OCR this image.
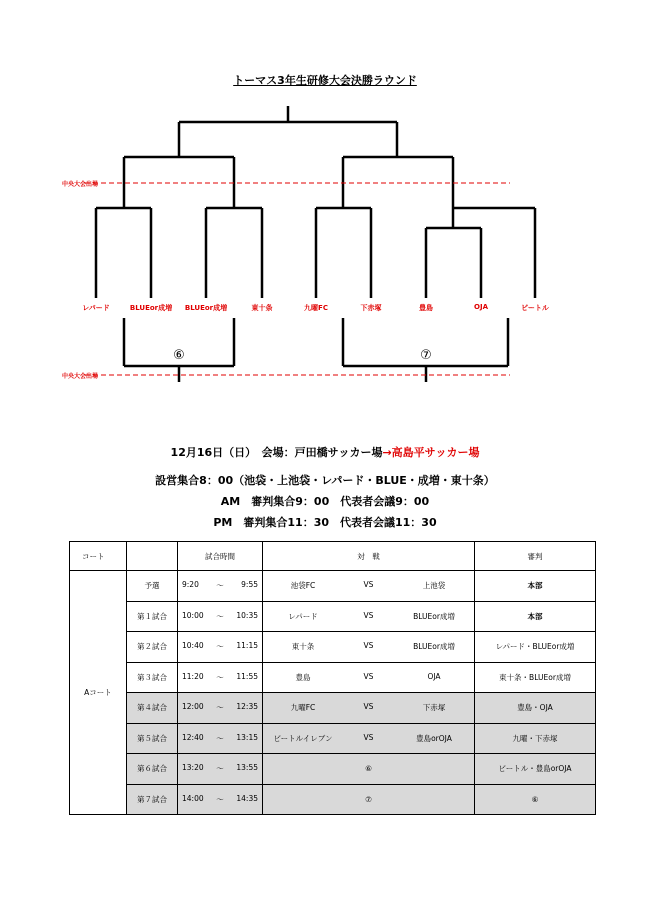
トーマス3年生研修大会決勝ラウンド
中央大会出場
中央大会出場
レパード	BLUEor成増 BLUEor成増	東十条	九曜FC	下赤塚	豊島	OJA	ビートル
⑥	⑦
12月16日（日）　会場：戸田橋サッカー場→高島平サッカー場
設営集合8：00（池袋・上池袋・レパード・BLUE・成増・東十条）
AM　審判集合9：00　代表者会議9：00
PM　審判集合11：30　代表者会議11：30
コート		試合時間	対　戦	審判
Aコート	予選	9:20 ～ 9:55	池袋FC VS 上池袋	本部
	第１試合	10:00 ～ 10:35	レパード VS BLUEor成増	本部
	第２試合	10:40 ～ 11:15	東十条 VS BLUEor成増	レパード・BLUEor成増
	第３試合	11:20 ～ 11:55	豊島 VS OJA	東十条・BLUEor成増
	第４試合	12:00 ～ 12:35	九曜FC VS 下赤塚	豊島・OJA
	第５試合	12:40 ～ 13:15	ビートルイレブン VS 豊島orOJA	九曜・下赤塚
	第６試合	13:20 ～ 13:55	⑥	ビートル・豊島orOJA
	第７試合	14:00 ～ 14:35	⑦	⑥
